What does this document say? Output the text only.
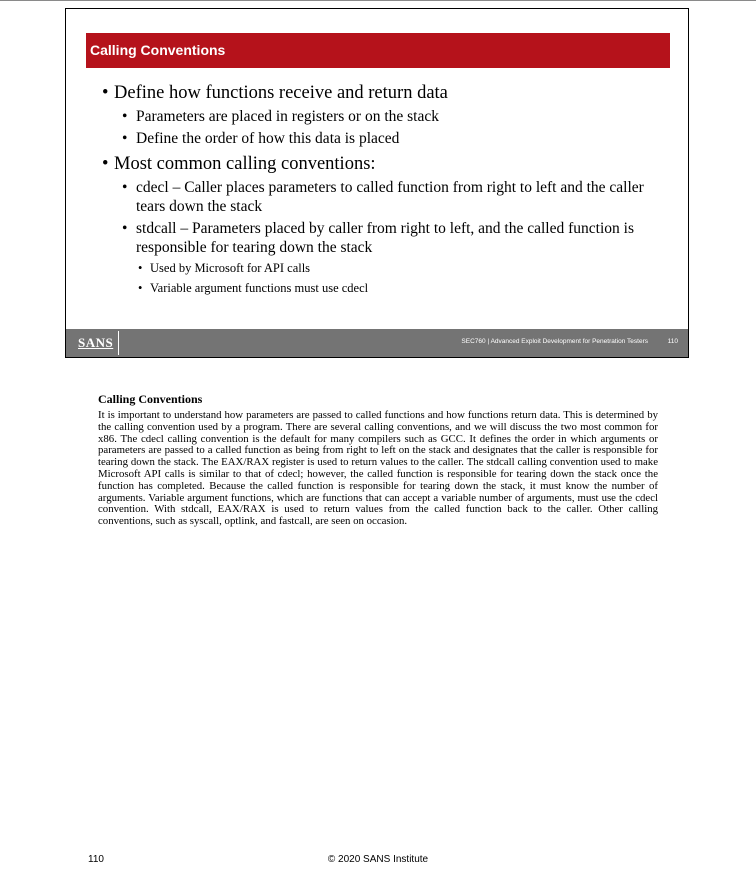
Calling Conventions
• Define how functions receive and return data
• Parameters are placed in registers or on the stack
• Define the order of how this data is placed
• Most common calling conventions:
• cdecl – Caller places parameters to called function from right to left and the caller tears down the stack
• stdcall – Parameters placed by caller from right to left, and the called function is responsible for tearing down the stack
• Used by Microsoft for API calls
• Variable argument functions must use cdecl
SANS	SEC760 | Advanced Exploit Development for Penetration Testers	110
Calling Conventions

It is important to understand how parameters are passed to called functions and how functions return data. This is determined by the calling convention used by a program. There are several calling conventions, and we will discuss the two most common for x86. The cdecl calling convention is the default for many compilers such as GCC. It defines the order in which arguments or parameters are passed to a called function as being from right to left on the stack and designates that the caller is responsible for tearing down the stack. The EAX/RAX register is used to return values to the caller. The stdcall calling convention used to make Microsoft API calls is similar to that of cdecl; however, the called function is responsible for tearing down the stack once the function has completed. Because the called function is responsible for tearing down the stack, it must know the number of arguments. Variable argument functions, which are functions that can accept a variable number of arguments, must use the cdecl convention. With stdcall, EAX/RAX is used to return values from the called function back to the caller. Other calling conventions, such as syscall, optlink, and fastcall, are seen on occasion.

© 2020 SANS Institute
110
